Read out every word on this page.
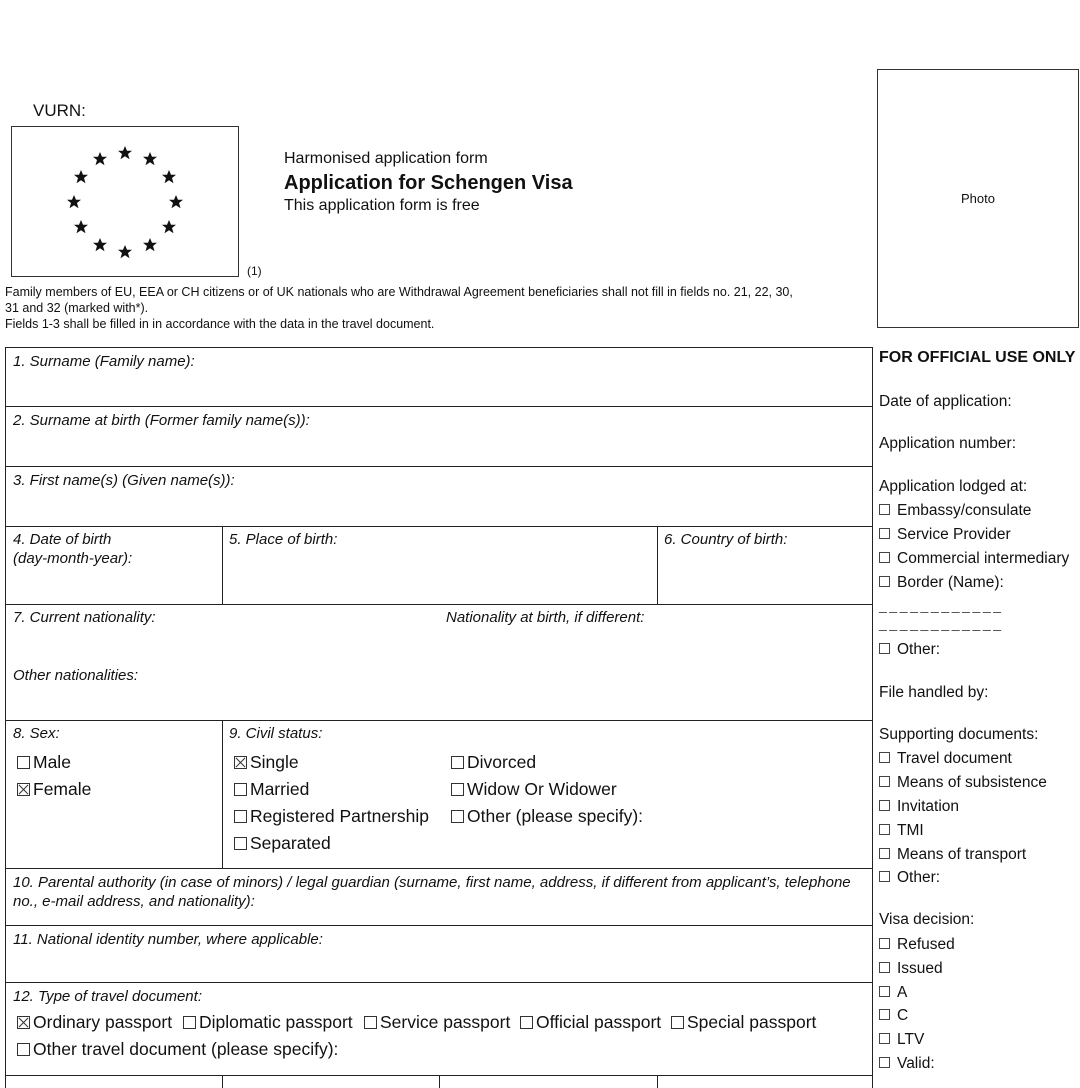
VURN:
(1)
Harmonised application form
Application for Schengen Visa
This application form is free	Photo

Family members of EU, EEA or CH citizens or of UK nationals who are Withdrawal Agreement beneficiaries shall not fill in fields no. 21, 22, 30, 31 and 32 (marked with*).

Fields 1-3 shall be filled in in accordance with the data in the travel document.

1. Surname (Family name):
2. Surname at birth (Former family name(s)):
3. First name(s) (Given name(s)):
4. Date of birth
(day-month-year):
5. Place of birth:	6. Country of birth:
7. Current nationality:	Nationality at birth, if different:
Other nationalities:
8. Sex:	9. Civil status:
Male
Female
Single	Divorced
Married	Widow Or Widower
Registered Partnership	Other (please specify):
Separated
10. Parental authority (in case of minors) / legal guardian (surname, first name, address, if different from applicant’s, telephone no., e-mail address, and nationality):
11. National identity number, where applicable:
12. Type of travel document:
Ordinary passport	Diplomatic passport	Service passport	Official passport	Special passport
Other travel document (please specify):
FOR OFFICIAL USE ONLY
Date of application:
Application number:
Application lodged at:
Embassy/consulate
Service Provider
Commercial intermediary
Border (Name):
____________
____________
Other:
File handled by:
Supporting documents:
Travel document
Means of subsistence
Invitation
TMI
Means of transport
Other:
Visa decision:
Refused
Issued
A
C
LTV
Valid:
